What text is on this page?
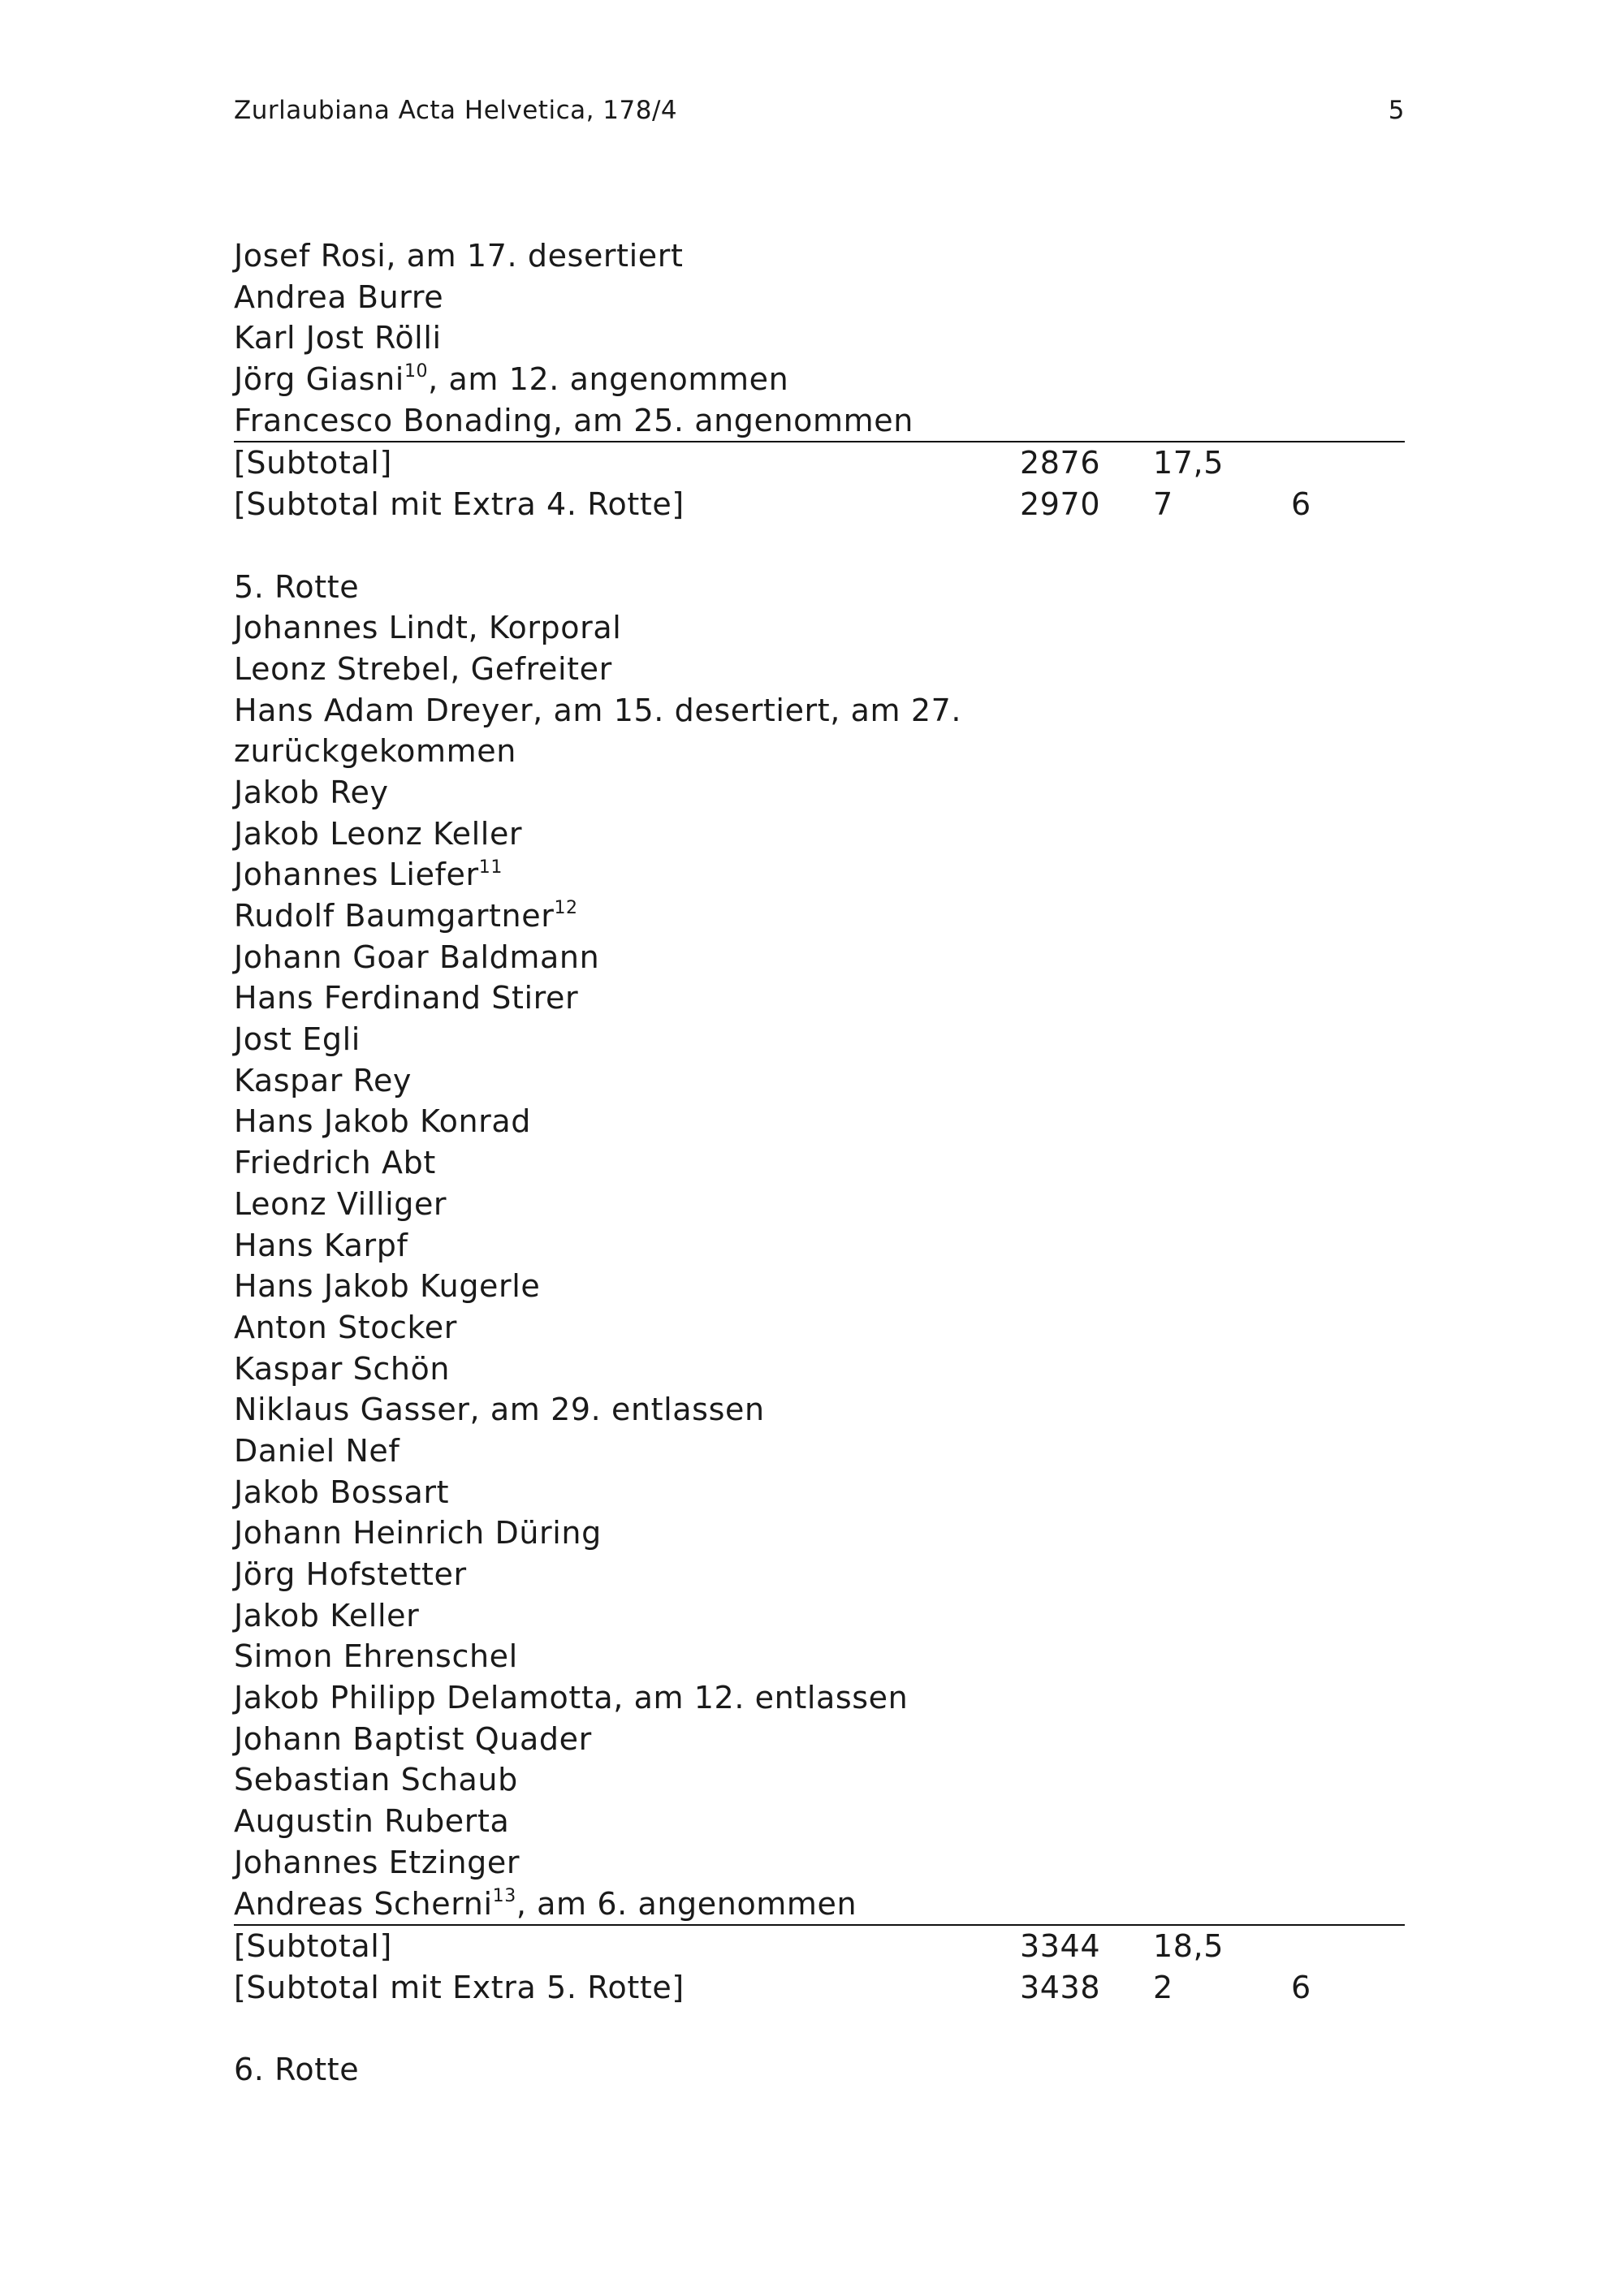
Zurlaubiana Acta Helvetica, 178/4	5
Josef Rosi, am 17. desertiert
Andrea Burre
Karl Jost Rölli
Jörg Giasni$^{10}$, am 12. angenommen
Francesco Bonading, am 25. angenommen
[Subtotal]	2876 17,5
[Subtotal mit Extra 4. Rotte]	2970 7	6
5. Rotte
Johannes Lindt, Korporal
Leonz Strebel, Gefreiter
Hans Adam Dreyer, am 15. desertiert, am 27.
zurückgekommen
Jakob Rey
Jakob Leonz Keller
Johannes Liefer$^{11}$
Rudolf Baumgartner$^{12}$
Johann Goar Baldmann
Hans Ferdinand Stirer
Jost Egli
Kaspar Rey
Hans Jakob Konrad
Friedrich Abt
Leonz Villiger
Hans Karpf
Hans Jakob Kugerle
Anton Stocker
Kaspar Schön
Niklaus Gasser, am 29. entlassen
Daniel Nef
Jakob Bossart
Johann Heinrich Düring
Jörg Hofstetter
Jakob Keller
Simon Ehrenschel
Jakob Philipp Delamotta, am 12. entlassen
Johann Baptist Quader
Sebastian Schaub
Augustin Ruberta
Johannes Etzinger
Andreas Scherni$^{13}$, am 6. angenommen
[Subtotal]	3344 18,5
[Subtotal mit Extra 5. Rotte]	3438 2	6
6. Rotte
